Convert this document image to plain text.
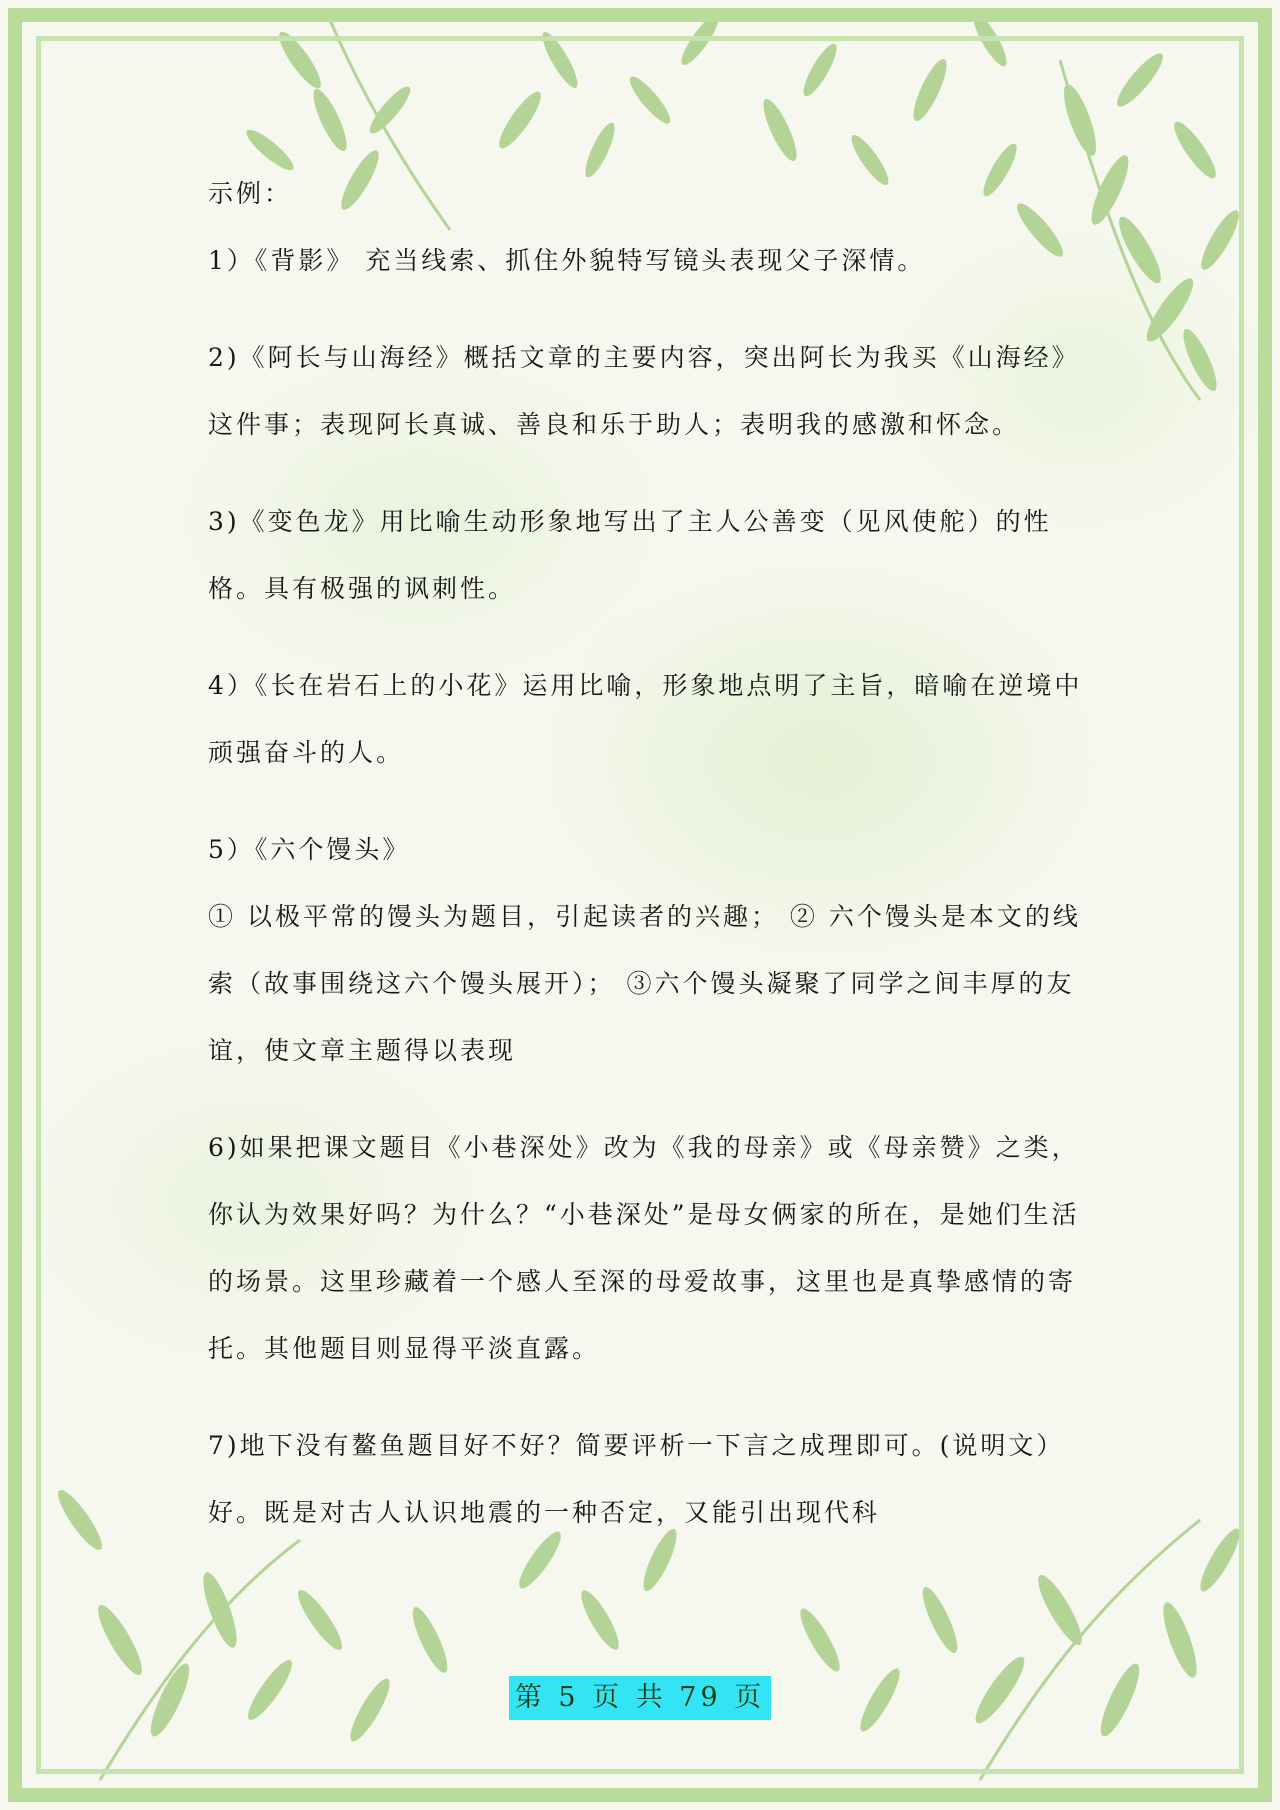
示例：

1）《背影》 充当线索、抓住外貌特写镜头表现父子深情。

2)《阿长与山海经》概括文章的主要内容，突出阿长为我买《山海经》这件事；表现阿长真诚、善良和乐于助人；表明我的感激和怀念。

3)《变色龙》用比喻生动形象地写出了主人公善变（见风使舵）的性 格。具有极强的讽刺性。

4）《长在岩石上的小花》运用比喻，形象地点明了主旨，暗喻在逆境中顽强奋斗的人。

5）《六个馒头》

① 以极平常的馒头为题目，引起读者的兴趣； ② 六个馒头是本文的线索（故事围绕这六个馒头展开）； ③六个馒头凝聚了同学之间丰厚的友谊，使文章主题得以表现

6)如果把课文题目《小巷深处》改为《我的母亲》或《母亲赞》之类，你认为效果好吗？为什么？“小巷深处”是母女俩家的所在，是她们生活的场景。这里珍藏着一个感人至深的母爱故事，这里也是真挚感情的寄托。其他题目则显得平淡直露。

7)地下没有鳌鱼题目好不好？简要评析一下言之成理即可。(说明文）好。既是对古人认识地震的一种否定，又能引出现代科

第 5 页 共 79 页
